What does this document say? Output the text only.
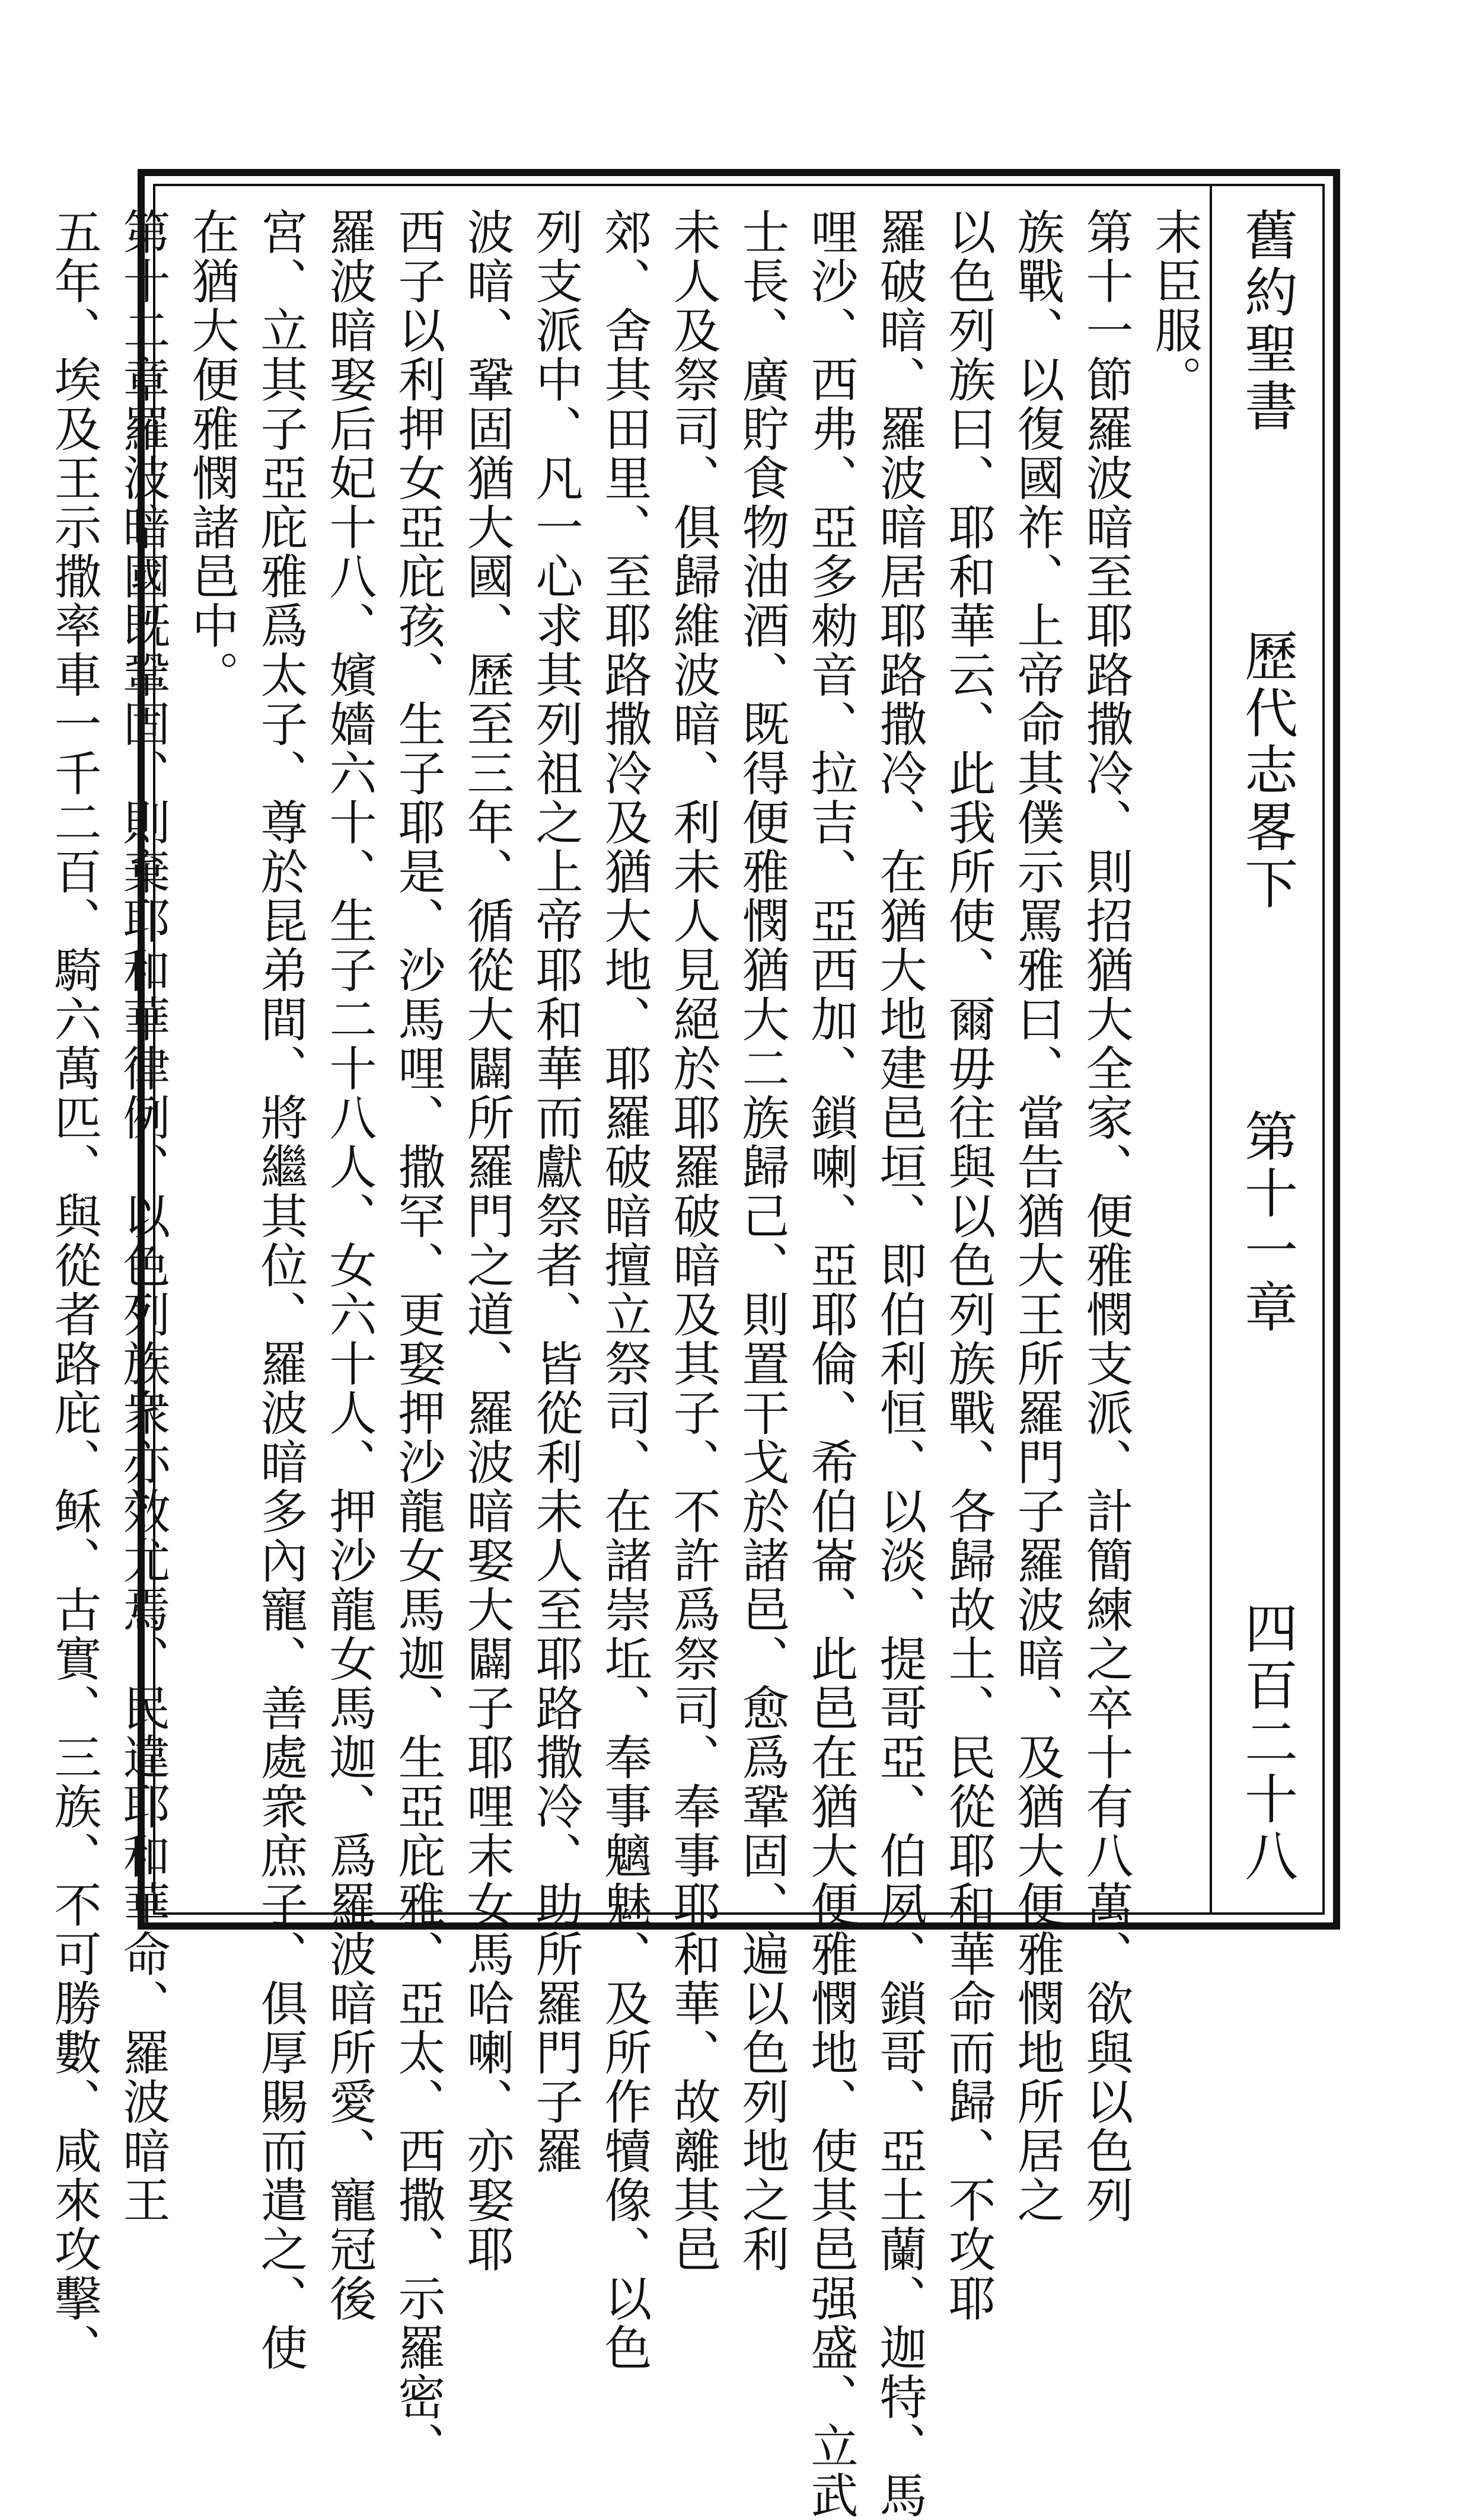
舊約聖書
歷代志畧下
第十一章
四百二十八
末臣服。
第十一節羅波暗至耶路撒冷、則招猶大全家、便雅憫支派、計簡練之卒十有八萬、欲與以色列
族戰、以復國祚、上帝命其僕示罵雅曰、當告猶大王所羅門子羅波暗、及猶大便雅憫地所居之
以色列族曰、耶和華云、此我所使、爾毋往與以色列族戰、各歸故土、民從耶和華命而歸、不攻耶
羅破暗、羅波暗居耶路撒冷、在猶大地建邑垣、即伯利恒、以淡、提哥亞、伯夙、鎖哥、亞土蘭、迦特、馬
哩沙、西弗、亞多勑音、拉吉、亞西加、鎖喇、亞耶倫、希伯崙、此邑在猶大便雅憫地、使其邑强盛、立武
士長、廣貯食物油酒、既得便雅憫猶大二族歸己、則置干戈於諸邑、愈爲鞏固、遍以色列地之利
未人及祭司、俱歸維波暗、利未人見絕於耶羅破暗及其子、不許爲祭司、奉事耶和華、故離其邑
郊、舍其田里、至耶路撒冷及猶大地、耶羅破暗擅立祭司、在諸崇坵、奉事魑魅、及所作犢像、以色
列支派中、凡一心求其列祖之上帝耶和華而獻祭者、皆從利未人至耶路撒冷、助所羅門子羅
波暗、鞏固猶大國、歷至三年、循從大闢所羅門之道、羅波暗娶大闢子耶哩末女馬哈喇、亦娶耶
西子以利押女亞庇孩、生子耶是、沙馬哩、撒罕、更娶押沙龍女馬迦、生亞庇雅、亞太、西撒、示羅密、
羅波暗娶后妃十八、嬪嬙六十、生子二十八人、女六十人、押沙龍女馬迦、爲羅波暗所愛、寵冠後
宮、立其子亞庇雅爲太子、尊於昆弟間、將繼其位、羅波暗多內寵、善處衆庶子、俱厚賜而遣之、使
在猶大便雅憫諸邑中。
第十二章羅波暗國既鞏固、則棄耶和華律例、以色列族衆亦效尤焉、民違耶和華命、羅波暗王
五年、埃及王示撒率車一千二百、騎六萬匹、與從者路庇、稣、古實、三族、不可勝數、咸來攻擊、
